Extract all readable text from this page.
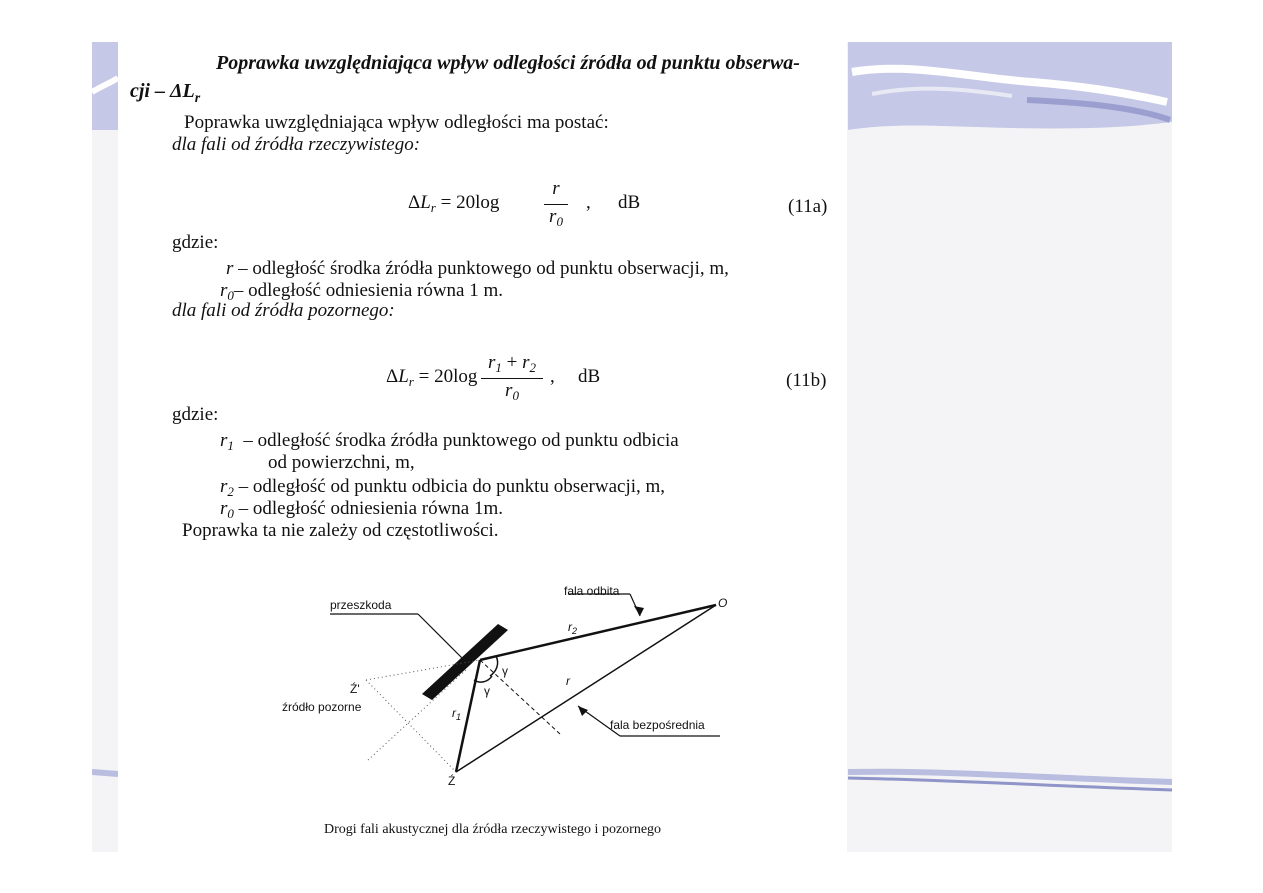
Poprawka uwzględniająca wpływ odległości źródła od punktu obserwa-
cji – $\Delta L_r$
Poprawka uwzględniająca wpływ odległości ma postać:
dla fali od źródła rzeczywistego:
$\Delta L_r = 20\log$
r
$r_0$
, dB	(11a)
gdzie:
r – odległość środka źródła punktowego od punktu obserwacji, m,
$r_0-$ odległość odniesienia równa 1 m.
dla fali od źródła pozornego:
$\Delta L_r = 20\log$
$r_1 + r_2$
$r_0$
, dB	(11b)
gdzie:
$r_1$ – odległość środka źródła punktowego od punktu odbicia
od powierzchni, m,
$r_2$ – odległość od punktu odbicia do punktu obserwacji, m,
$r_0$ – odległość odniesienia równa 1m.
Poprawka ta nie zależy od częstotliwości.
przeszkoda
fala odbita
O
$r_2$
r
γ
γ
Ź'
źródło pozorne	$r_1$
fala bezpośrednia
Ź
Drogi fali akustycznej dla źródła rzeczywistego i pozornego
